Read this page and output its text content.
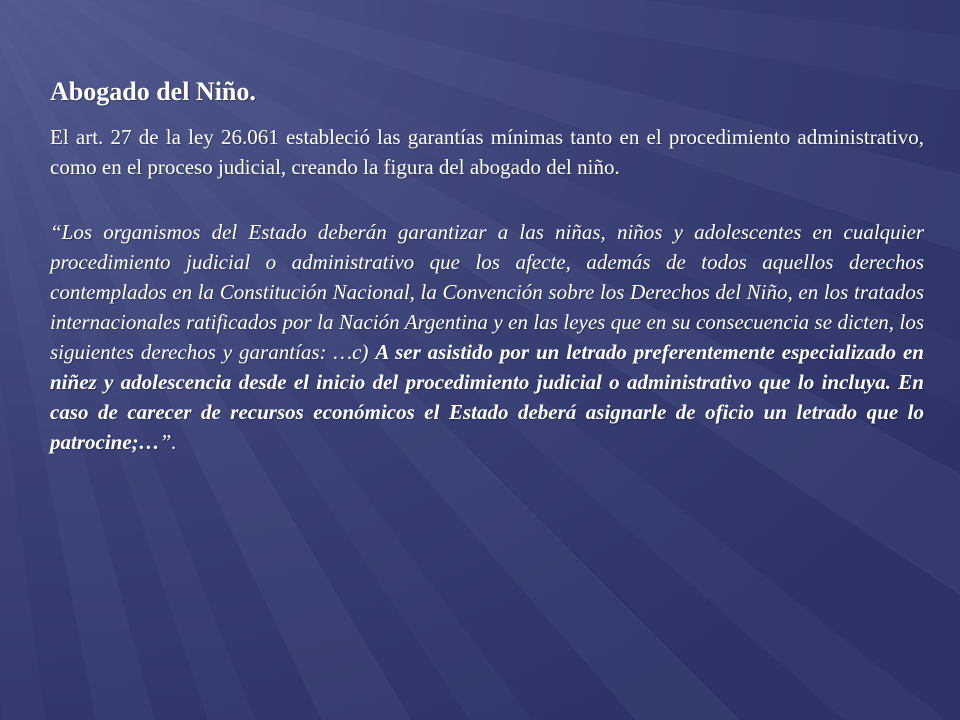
Abogado del Niño.

El art. 27 de la ley 26.061 estableció las garantías mínimas tanto en el procedimiento administrativo, como en el proceso judicial, creando la figura del abogado del niño.

“Los organismos del Estado deberán garantizar a las niñas, niños y adolescentes en cualquier procedimiento judicial o administrativo que los afecte, además de todos aquellos derechos contemplados en la Constitución Nacional, la Convención sobre los Derechos del Niño, en los tratados internacionales ratificados por la Nación Argentina y en las leyes que en su consecuencia se dicten, los siguientes derechos y garantías: …c) A ser asistido por un letrado preferentemente especializado en niñez y adolescencia desde el inicio del procedimiento judicial o administrativo que lo incluya. En caso de carecer de recursos económicos el Estado deberá asignarle de oficio un letrado que lo patrocine;…”.
